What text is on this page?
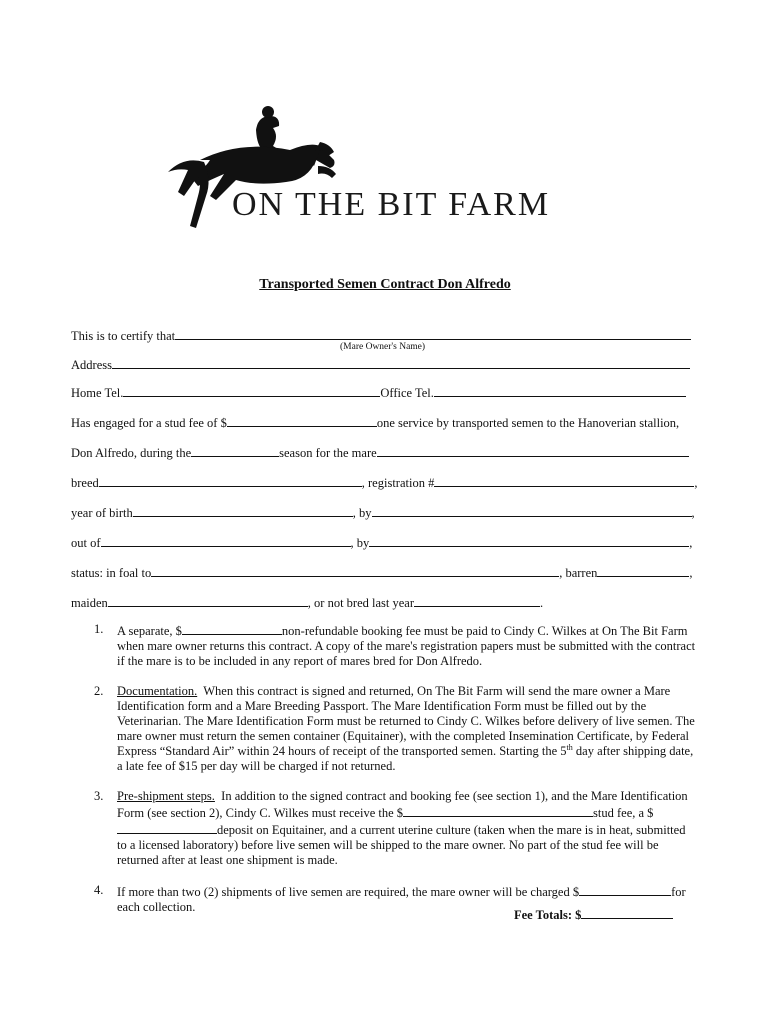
ON THE BIT FARM
Transported Semen Contract Don Alfredo
This is to certify that
(Mare Owner's Name)
Address
Home Tel.	Office Tel.
Has engaged for a stud fee of $	one service by transported semen to the Hanoverian stallion,
Don Alfredo, during the	season for the mare
breed	, registration #	,
year of birth	, by	,
out of	, by	,
status: in foal to	, barren	,
maiden	, or not bred last year	.
1. A separate, $	non-refundable booking fee must be paid to Cindy C. Wilkes at On The Bit Farm when mare owner returns this contract. A copy of the mare's registration papers must be submitted with the contract if the mare is to be included in any report of mares bred for Don Alfredo.
2. Documentation. When this contract is signed and returned, On The Bit Farm will send the mare owner a Mare Identification form and a Mare Breeding Passport. The Mare Identification Form must be filled out by the Veterinarian. The Mare Identification Form must be returned to Cindy C. Wilkes before delivery of live semen. The mare owner must return the semen container (Equitainer), with the completed Insemination Certificate, by Federal Express “Standard Air” within 24 hours of receipt of the transported semen. Starting the 5th day after shipping date, a late fee of $15 per day will be charged if not returned.
3. Pre-shipment steps. In addition to the signed contract and booking fee (see section 1), and the Mare Identification Form (see section 2), Cindy C. Wilkes must receive the $	stud fee, a $deposit on Equitainer, and a current uterine culture (taken when the mare is in heat, submitted to a licensed laboratory) before live semen will be shipped to the mare owner. No part of the stud fee will be returned after at least one shipment is made.
4. If more than two (2) shipments of live semen are required, the mare owner will be charged $	for each collection.
Fee Totals: $
